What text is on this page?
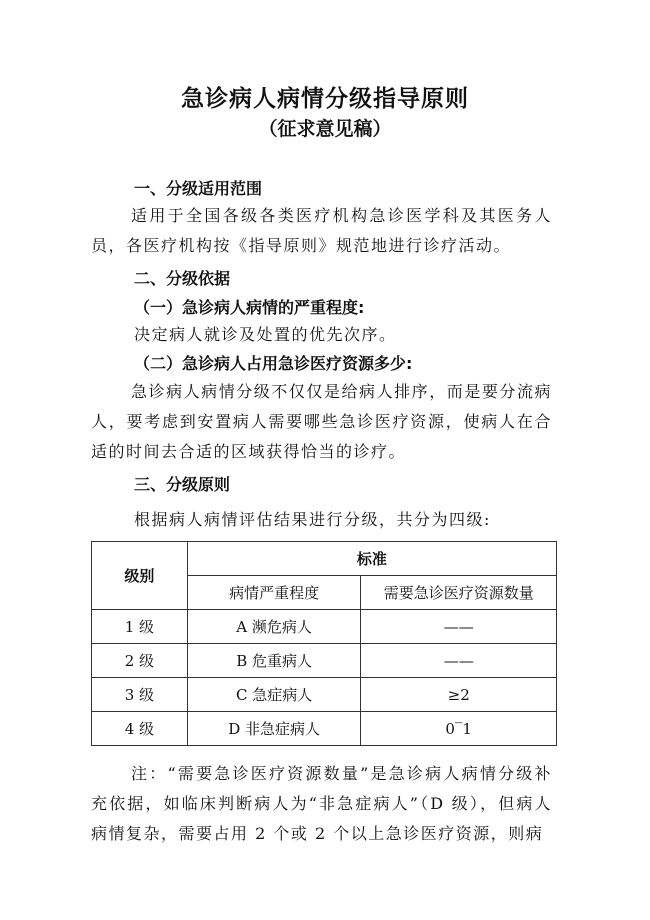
急诊病人病情分级指导原则
（征求意见稿）
一、分级适用范围
适用于全国各级各类医疗机构急诊医学科及其医务人员，各医疗机构按《指导原则》规范地进行诊疗活动。
二、分级依据
（一）急诊病人病情的严重程度:
决定病人就诊及处置的优先次序。
（二）急诊病人占用急诊医疗资源多少:
急诊病人病情分级不仅仅是给病人排序，而是要分流病人，要考虑到安置病人需要哪些急诊医疗资源，使病人在合适的时间去合适的区域获得恰当的诊疗。
三、分级原则
根据病人病情评估结果进行分级，共分为四级:
级别	标准	
	病情严重程度	需要急诊医疗资源数量
1 级	A 濒危病人	——
2 级	B 危重病人	——
3 级	C 急症病人	≥2
4 级	D 非急症病人	0‾1
注：“需要急诊医疗资源数量”是急诊病人病情分级补充依据，如临床判断病人为“非急症病人”（D 级），但病人病情复杂，需要占用 2 个或 2 个以上急诊医疗资源，则病
